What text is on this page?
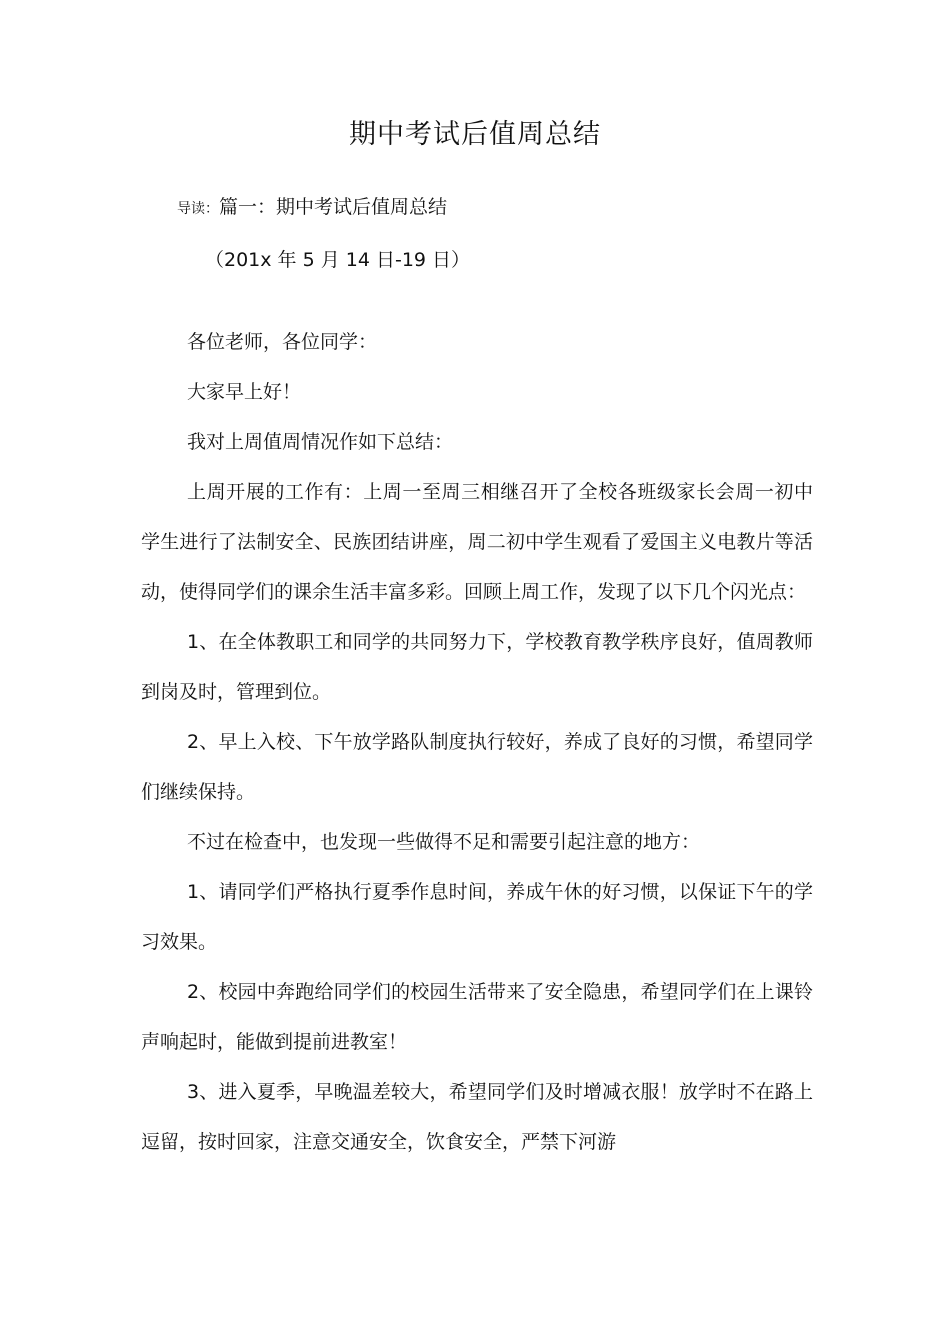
期中考试后值周总结
导读：篇一：期中考试后值周总结
（201x 年 5 月 14 日-19 日）

各位老师，各位同学：

大家早上好！

我对上周值周情况作如下总结：

上周开展的工作有：上周一至周三相继召开了全校各班级家长会周一初中学生进行了法制安全、民族团结讲座，周二初中学生观看了爱国主义电教片等活动，使得同学们的课余生活丰富多彩。回顾上周工作，发现了以下几个闪光点：

1、在全体教职工和同学的共同努力下，学校教育教学秩序良好，值周教师到岗及时，管理到位。

2、早上入校、下午放学路队制度执行较好，养成了良好的习惯，希望同学们继续保持。

不过在检查中，也发现一些做得不足和需要引起注意的地方：

1、请同学们严格执行夏季作息时间，养成午休的好习惯，以保证下午的学习效果。

2、校园中奔跑给同学们的校园生活带来了安全隐患，希望同学们在上课铃声响起时，能做到提前进教室！

3、进入夏季，早晚温差较大，希望同学们及时增减衣服！放学时不在路上逗留，按时回家，注意交通安全，饮食安全，严禁下河游
